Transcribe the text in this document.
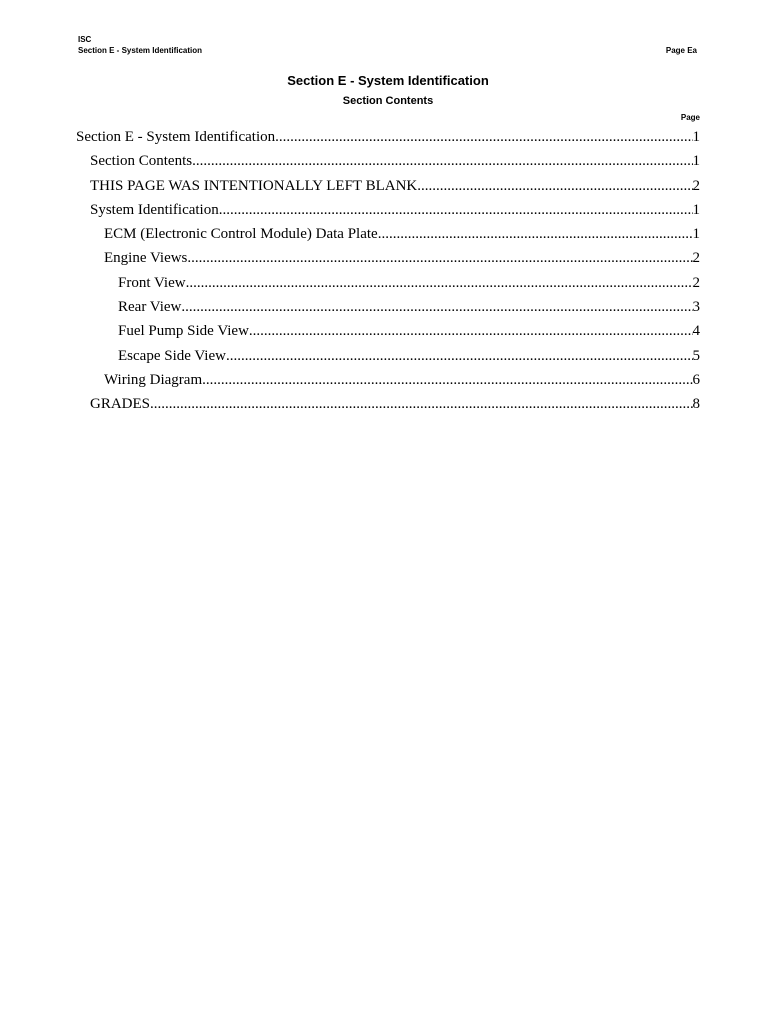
ISC
Section E - System Identification	Page Ea
Section E - System Identification
Section Contents
Page
Section E - System Identification .....	1
Section Contents .....	1
THIS PAGE WAS INTENTIONALLY LEFT BLANK .....	2
System Identification .....	1
ECM (Electronic Control Module) Data Plate .....	1
Engine Views .....	2
Front View .....	2
Rear View .....	3
Fuel Pump Side View .....	4
Escape Side View .....	5
Wiring Diagram .....	6
GRADES .....	8
